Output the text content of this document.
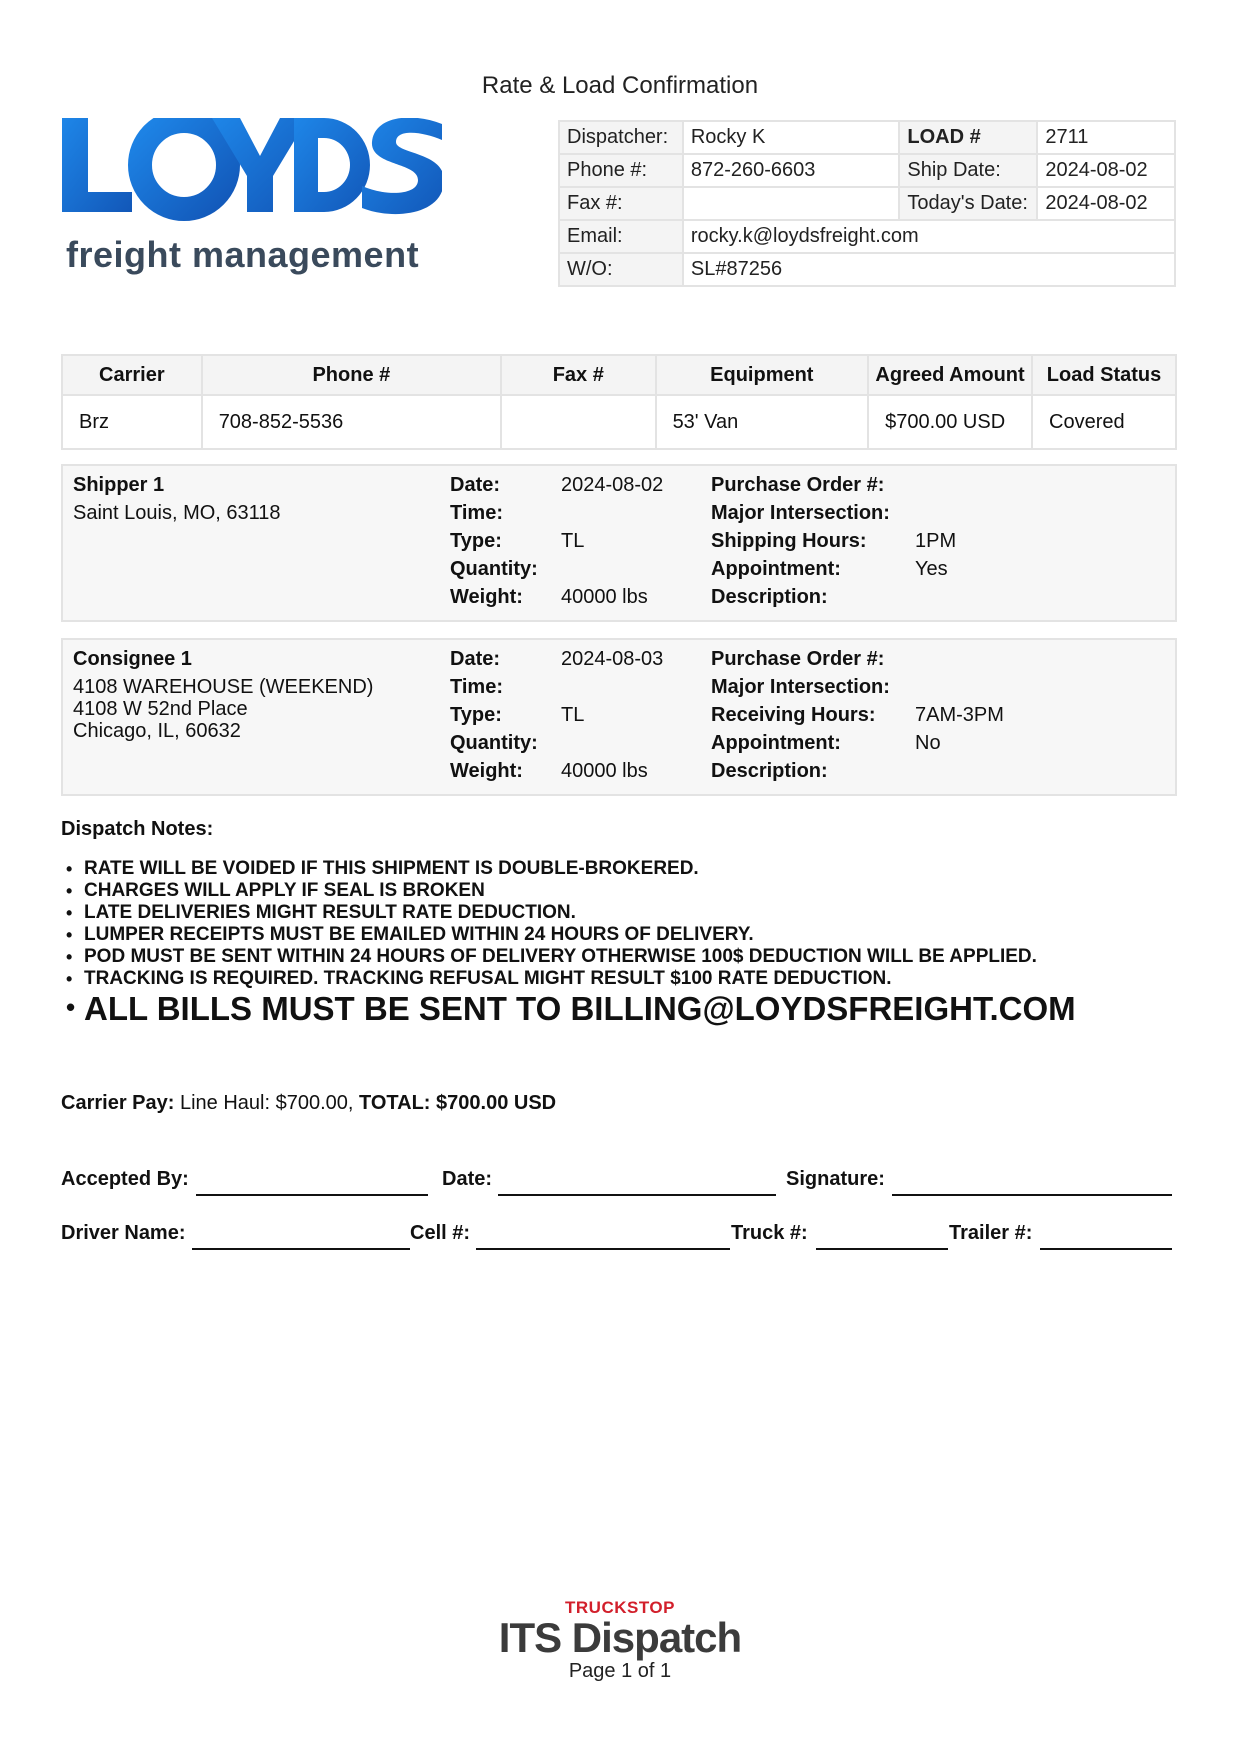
Rate & Load Confirmation
freight management
Dispatcher:	Rocky K	LOAD #	2711
Phone #:	872-260-6603	Ship Date:	2024-08-02
Fax #:		Today's Date:	2024-08-02
Email:	rocky.k@loydsfreight.com		
W/O:	SL#87256		
Carrier	Phone #	Fax #	Equipment	Agreed Amount	Load Status
Brz	708-852-5536		53' Van	$700.00 USD	Covered
Shipper 1
Saint Louis, MO, 63118
Date:	2024-08-02
Time:
Type:	TL
Quantity:
Weight: 40000 lbs
Purchase Order #:
Major Intersection:
Shipping Hours: 1PM
Appointment:	Yes
Description:
Consignee 1
4108 WAREHOUSE (WEEKEND)
4108 W 52nd Place
Chicago, IL, 60632
Date:	2024-08-03
Time:
Type:	TL
Quantity:
Weight: 40000 lbs
Purchase Order #:
Major Intersection:
Receiving Hours: 7AM-3PM
Appointment:	No
Description:
Dispatch Notes:
• RATE WILL BE VOIDED IF THIS SHIPMENT IS DOUBLE-BROKERED.
• CHARGES WILL APPLY IF SEAL IS BROKEN
• LATE DELIVERIES MIGHT RESULT RATE DEDUCTION.
• LUMPER RECEIPTS MUST BE EMAILED WITHIN 24 HOURS OF DELIVERY.
• POD MUST BE SENT WITHIN 24 HOURS OF DELIVERY OTHERWISE 100$ DEDUCTION WILL BE APPLIED.
• TRACKING IS REQUIRED. TRACKING REFUSAL MIGHT RESULT $100 RATE DEDUCTION.
• ALL BILLS MUST BE SENT TO BILLING@LOYDSFREIGHT.COM
Carrier Pay: Line Haul: $700.00, TOTAL: $700.00 USD
Accepted By:	Date:	Signature:
Driver Name:	Cell #:	Truck #:	Trailer #:
TRUCKSTOP
ITS Dispatch
Page 1 of 1
